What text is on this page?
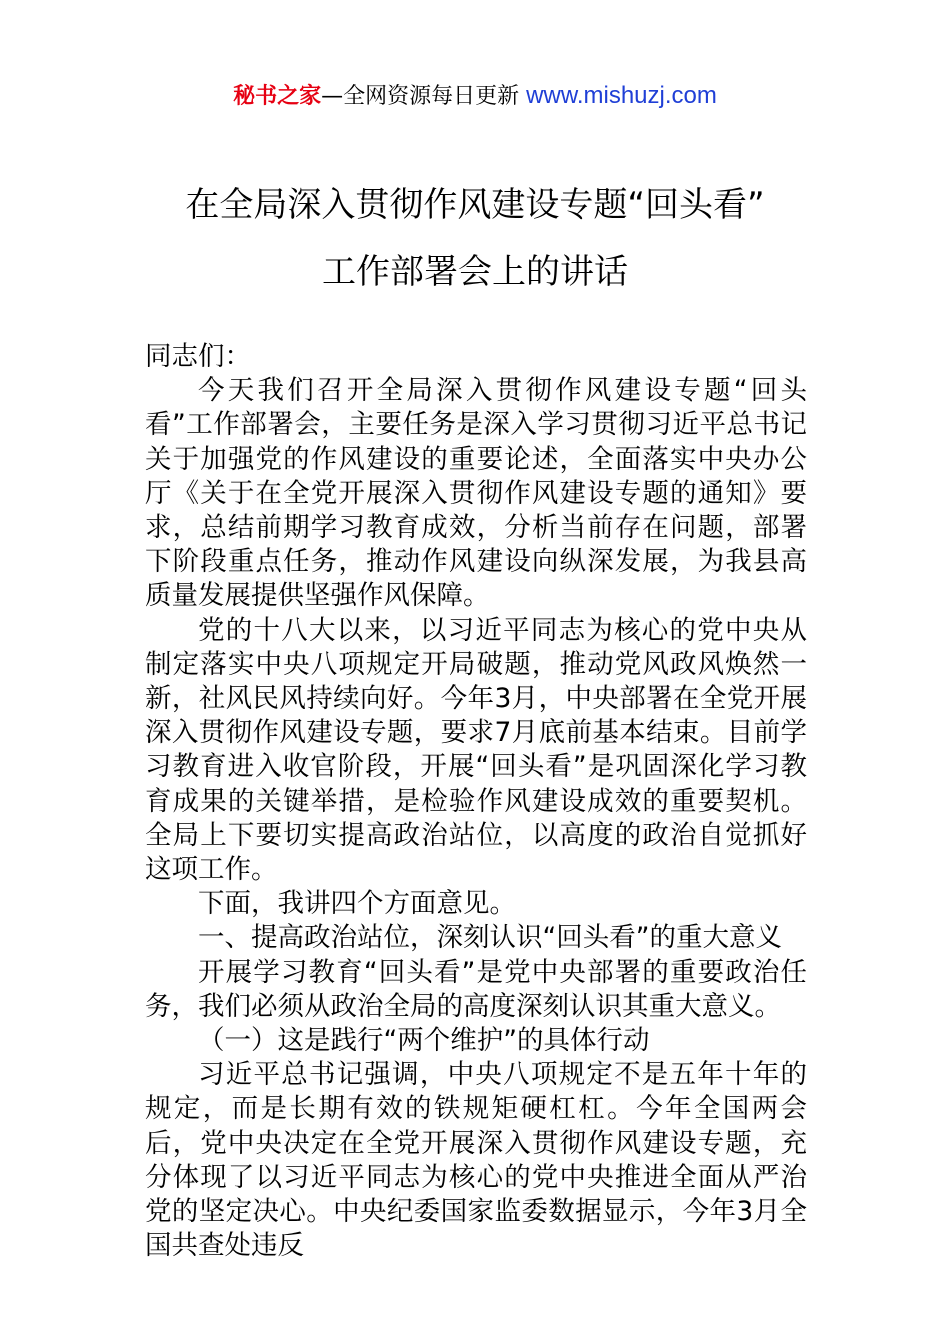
秘书之家—全网资源每日更新 www.mishuzj.com
在全局深入贯彻作风建设专题“回头看”
工作部署会上的讲话

同志们：

今天我们召开全局深入贯彻作风建设专题“回头看”工作部署会，主要任务是深入学习贯彻习近平总书记关于加强党的作风建设的重要论述，全面落实中央办公厅《关于在全党开展深入贯彻作风建设专题的通知》要求，总结前期学习教育成效，分析当前存在问题，部署下阶段重点任务，推动作风建设向纵深发展，为我县高质量发展提供坚强作风保障。

党的十八大以来，以习近平同志为核心的党中央从制定落实中央八项规定开局破题，推动党风政风焕然一新，社风民风持续向好。今年3月，中央部署在全党开展深入贯彻作风建设专题，要求7月底前基本结束。目前学习教育进入收官阶段，开展“回头看”是巩固深化学习教育成果的关键举措，是检验作风建设成效的重要契机。全局上下要切实提高政治站位，以高度的政治自觉抓好这项工作。

下面，我讲四个方面意见。

一、提高政治站位，深刻认识“回头看”的重大意义

开展学习教育“回头看”是党中央部署的重要政治任务，我们必须从政治全局的高度深刻认识其重大意义。

（一）这是践行“两个维护”的具体行动

习近平总书记强调，中央八项规定不是五年十年的规定，而是长期有效的铁规矩硬杠杠。今年全国两会后，党中央决定在全党开展深入贯彻作风建设专题，充分体现了以习近平同志为核心的党中央推进全面从严治党的坚定决心。中央纪委国家监委数据显示，今年3月全国共查处违反
